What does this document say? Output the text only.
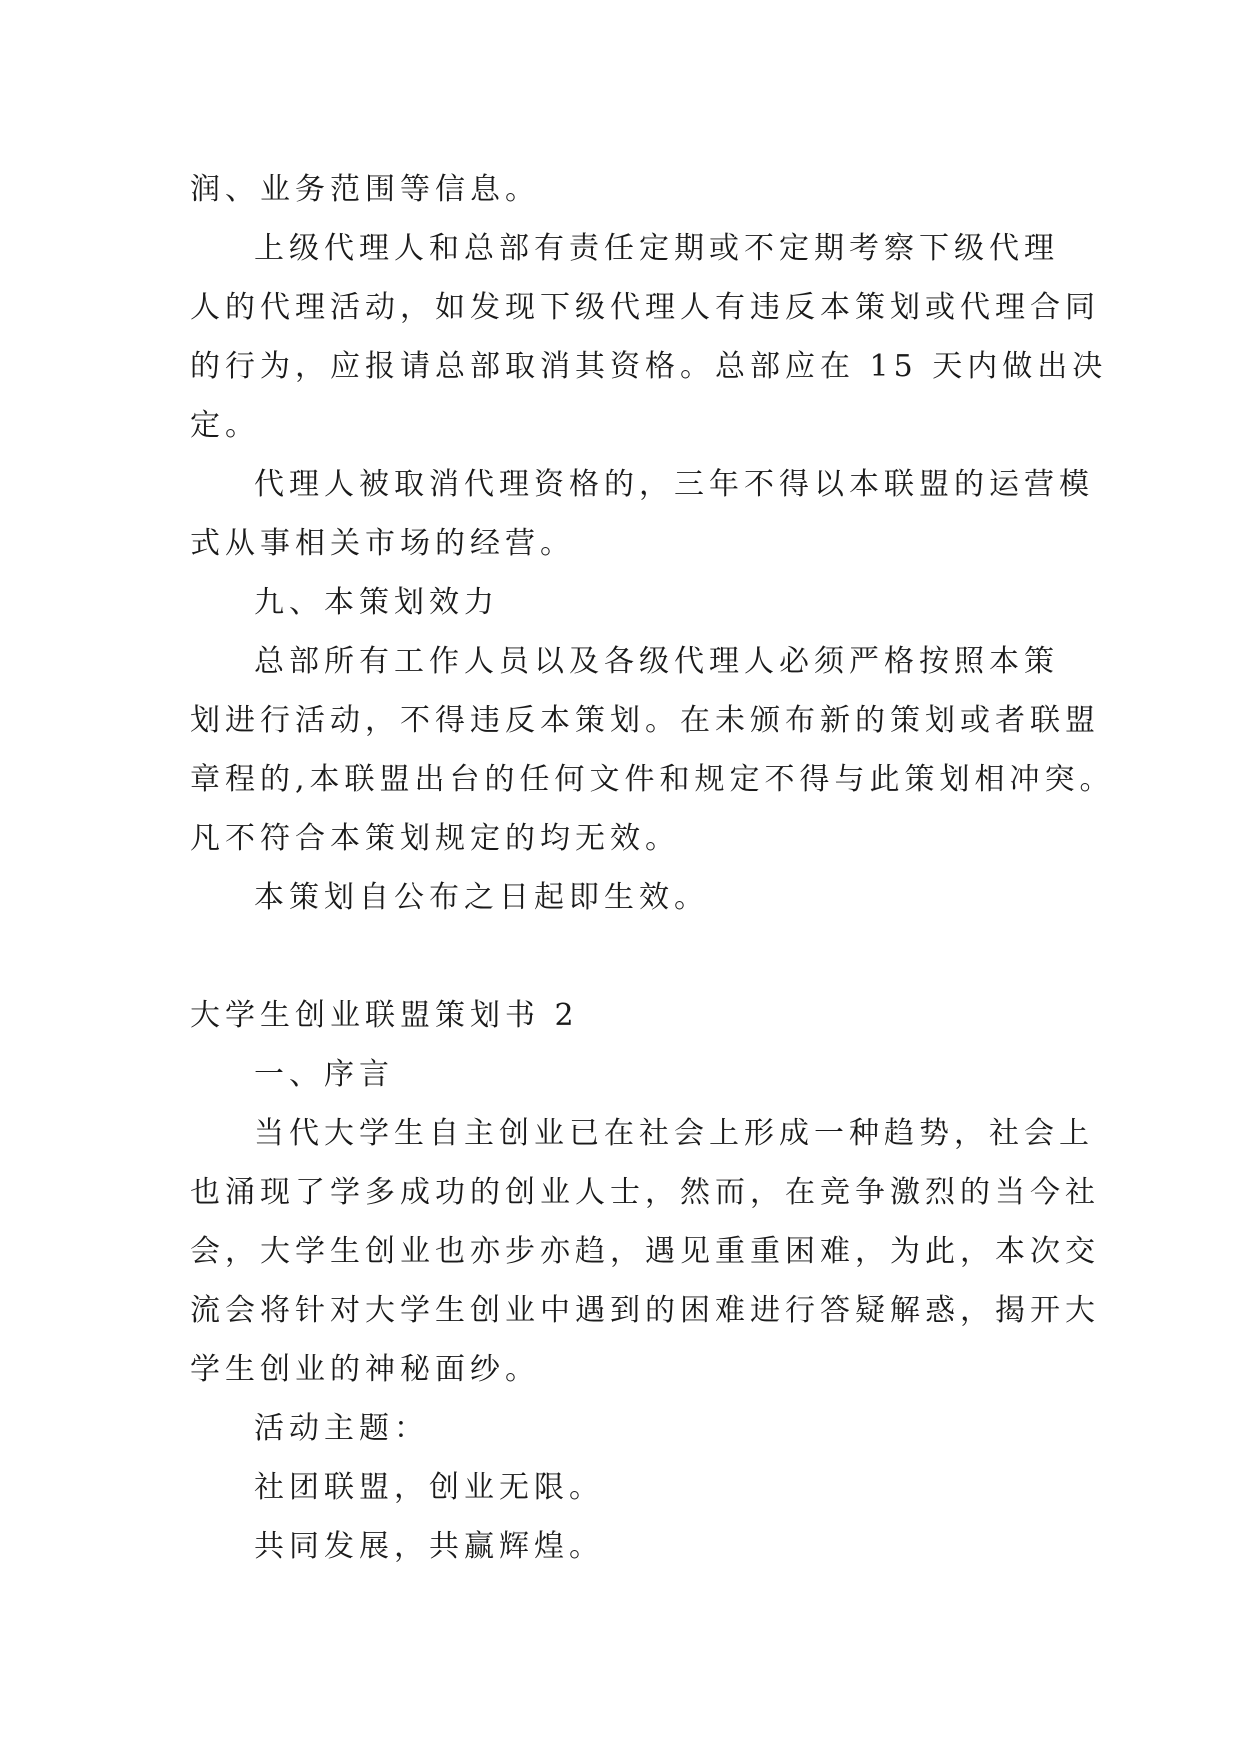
润、业务范围等信息。
上级代理人和总部有责任定期或不定期考察下级代理
人的代理活动，如发现下级代理人有违反本策划或代理合同
的行为，应报请总部取消其资格。总部应在 15 天内做出决
定。
代理人被取消代理资格的，三年不得以本联盟的运营模
式从事相关市场的经营。
九、本策划效力
总部所有工作人员以及各级代理人必须严格按照本策
划进行活动，不得违反本策划。在未颁布新的策划或者联盟
章程的,本联盟出台的任何文件和规定不得与此策划相冲突。
凡不符合本策划规定的均无效。
本策划自公布之日起即生效。
大学生创业联盟策划书 2
一、序言
当代大学生自主创业已在社会上形成一种趋势，社会上
也涌现了学多成功的创业人士，然而，在竞争激烈的当今社
会，大学生创业也亦步亦趋，遇见重重困难，为此，本次交
流会将针对大学生创业中遇到的困难进行答疑解惑，揭开大
学生创业的神秘面纱。
活动主题：
社团联盟，创业无限。
共同发展，共赢辉煌。
